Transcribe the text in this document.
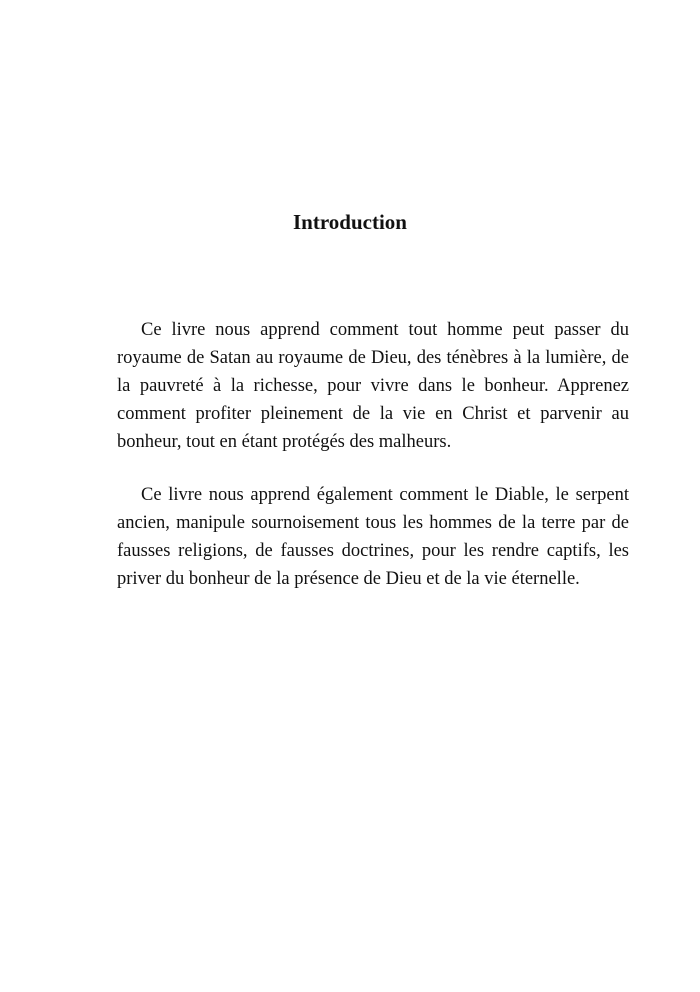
Introduction

Ce livre nous apprend comment tout homme peut passer du royaume de Satan au royaume de Dieu, des ténèbres à la lumière, de la pauvreté à la richesse, pour vivre dans le bonheur. Apprenez comment profiter pleinement de la vie en Christ et parvenir au bonheur, tout en étant protégés des malheurs.

Ce livre nous apprend également comment le Diable, le serpent ancien, manipule sournoisement tous les hommes de la terre par de fausses religions, de fausses doctrines, pour les rendre captifs, les priver du bonheur de la présence de Dieu et de la vie éternelle.
